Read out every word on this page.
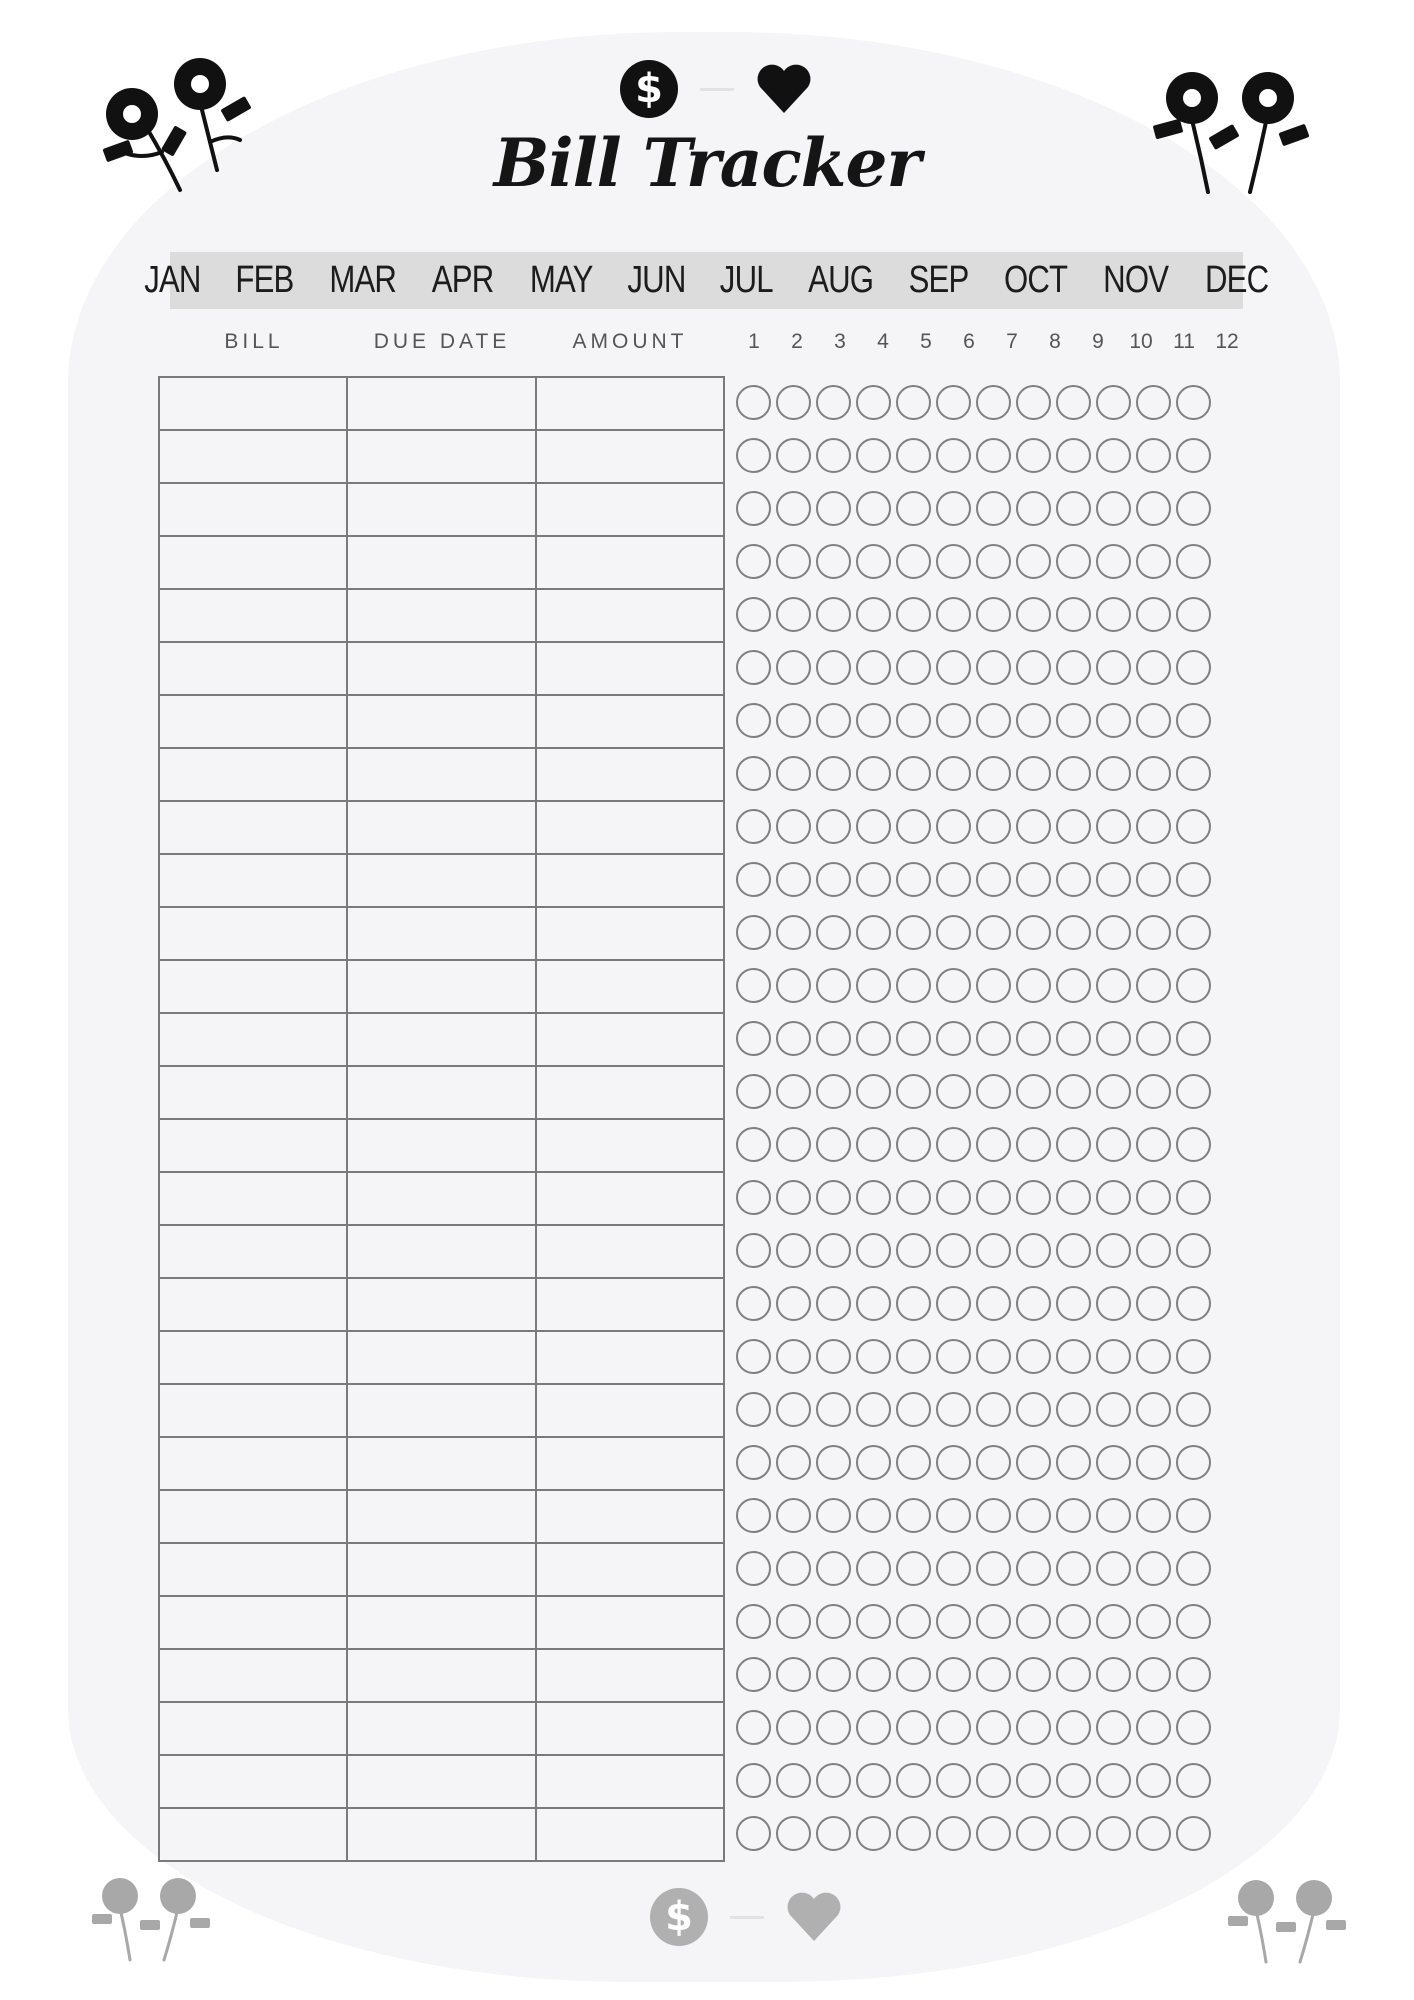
$
Bill Tracker
JAN FEB MAR APR MAY JUN JUL AUG SEP OCT NOV DEC
BILL	DUE DATE	AMOUNT	1	2	3	4	5	6	7	8	9	10 11 12
$
